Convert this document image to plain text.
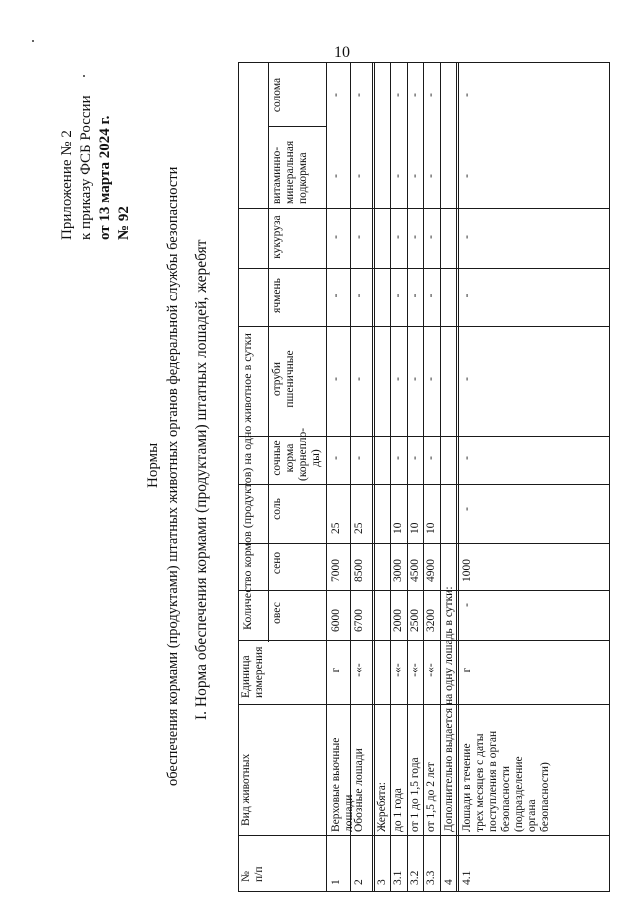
10
Приложение № 2 к приказу ФСБ России от 13 марта 2024 г. № 92
Нормы обеспечения кормами (продуктами) штатных животных органов федеральной службы безопасности I. Норма обеспечения кормами (продуктами) штатных лошадей, жеребят
№ п/п
Вид животных
Единица измерения
Количество кормов (продуктов) на одно животное в сутки овес
сено
соль
сочные корма (корнепло- ды)
отруби пшеничные
ячмень
кукуруза
витаминно- минеральная подкормка
солома
1
Верховые вьючные лошади
г
6000
7000
25
-
-
-
-
-
-
2
Обозные лошади
-«-
6700
8500
25
-
-
-
-
-
-
3
Жеребята:
3.1
до 1 года
-«-
2000
3000
10
-
-
-
-
-
-
3.2
от 1 до 1,5 года
-«-
2500
4500
10
-
-
-
-
-
-
3.3
от 1,5 до 2 лет
-«-
3200
4900
10
-
-
-
-
-
-
4
Дополнительно выдается на одну лошадь в сутки:
4.1
Лошади в течение трех месяцев с даты поступления в орган безопасности (подразделение органа безопасности)
г
-
1000
-
-
-
-
-
-
-
